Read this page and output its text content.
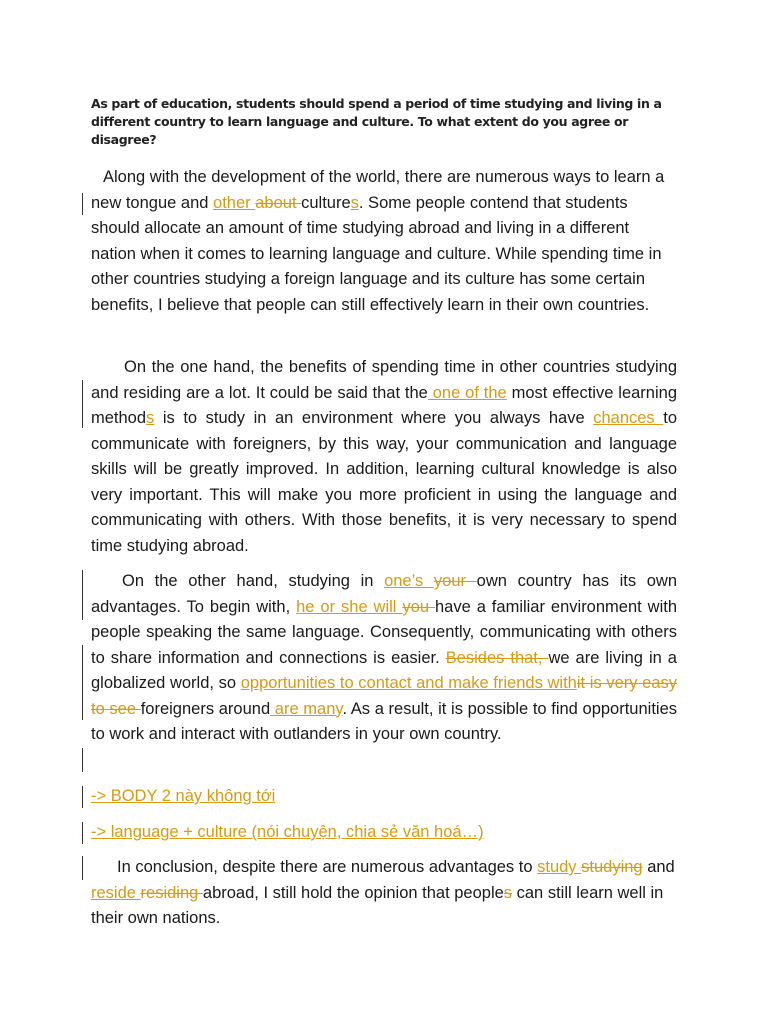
As part of education, students should spend a period of time studying and living in a different country to learn language and culture. To what extent do you agree or disagree?
Along with the development of the world, there are numerous ways to learn a new tongue and other about cultures. Some people contend that students should allocate an amount of time studying abroad and living in a different nation when it comes to learning language and culture. While spending time in other countries studying a foreign language and its culture has some certain benefits, I believe that people can still effectively learn in their own countries.
On the one hand, the benefits of spending time in other countries studying and residing are a lot. It could be said that the one of the most effective learning methods is to study in an environment where you always have chances to communicate with foreigners, by this way, your communication and language skills will be greatly improved. In addition, learning cultural knowledge is also very important. This will make you more proficient in using the language and communicating with others. With those benefits, it is very necessary to spend time studying abroad.
On the other hand, studying in one’s your own country has its own advantages. To begin with, he or she will you have a familiar environment with people speaking the same language. Consequently, communicating with others to share information and connections is easier. Besides that, we are living in a globalized world, so opportunities to contact and make friends withit is very easy to see foreigners around are many. As a result, it is possible to find opportunities to work and interact with outlanders in your own country.
-> BODY 2 này không tới
-> language + culture (nói chuyện, chia sẻ văn hoá…)
In conclusion, despite there are numerous advantages to study studying and reside residing abroad, I still hold the opinion that peoples can still learn well in their own nations.
